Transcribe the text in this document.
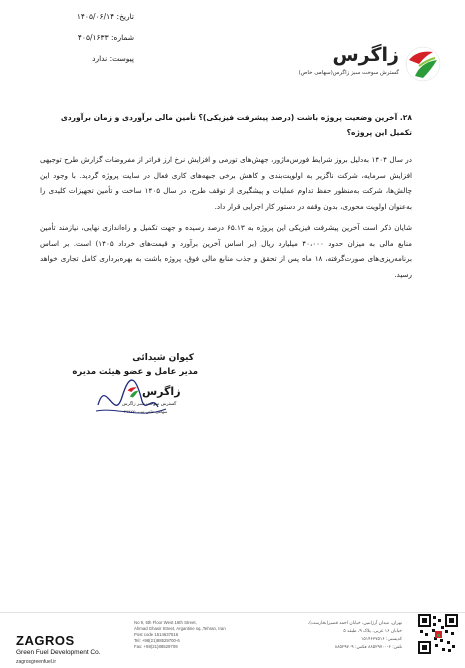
تاریخ: ۱۴۰۵/۰۶/۱۴
شماره: ۴۰۵/۱۶۳۳
پیوست: ندارد	زاگرس
گسترش سوخت سبز زاگرس(سهامی خاص)
۲۸. آخرین وضعیت پروژه باشت (درصد پیشرفت فیزیکی)؟ تأمین مالی برآوردی و زمان برآوردی تکمیل این پروژه؟
در سال ۱۴۰۴ به‌دلیل بروز شرایط فورس‌ماژور، جهش‌های تورمی و افزایش نرخ ارز فراتر از مفروضات گزارش طرح توجیهی افزایش سرمایه، شرکت ناگزیر به اولویت‌بندی و کاهش برخی جبهه‌های کاری فعال در سایت پروژه گردید. با وجود این چالش‌ها، شرکت به‌منظور حفظ تداوم عملیات و پیشگیری از توقف طرح، در سال ۱۴۰۵ ساخت و تأمین تجهیزات کلیدی را به‌عنوان اولویت محوری، بدون وقفه در دستور کار اجرایی قرار داد.
شایان ذکر است آخرین پیشرفت فیزیکی این پروژه به ۶۵.۱۳ درصد رسیده و جهت تکمیل و راه‌اندازی نهایی، نیازمند تأمین منابع مالی به میزان حدود ۴۰،۰۰۰ میلیارد ریال (بر اساس آخرین برآورد و قیمت‌های خرداد ۱۴۰۵) است. بر اساس برنامه‌ریزی‌های صورت‌گرفته، ۱۸ ماه پس از تحقق و جذب منابع مالی فوق، پروژه باشت به بهره‌برداری کامل تجاری خواهد رسید.
کیوان شیدائی
مدیر عامل و عضو هیئت مدیره
زاگرس
گسترش سوخت سبز زاگرس
سهامی خاص ثبت ۲۹۹۷۷۰
ZAGROS
Green Fuel Development Co.
zagrosgreenfuel.ir
No 9, 5th Floor West 16th Street,
Ahmad Ghasir Street, Argantine sq.,Tehran, Iran
Post code 1514637516
Tel: +98(21)88529700-6
Fax: +98(21)88529709
تهران، میدان آرژانتین، خیابان احمد قصیر(بخارست)،
خیابان ۱۶ غربی، پلاک ۹، طبقه ۵
کدپستی: ۱۵۱۴۶۳۷۵۱۶
تلفن: ۶-۸۸۵۲۹۷۰۰ فکس: ۸۸۵۲۹۷۰۹
